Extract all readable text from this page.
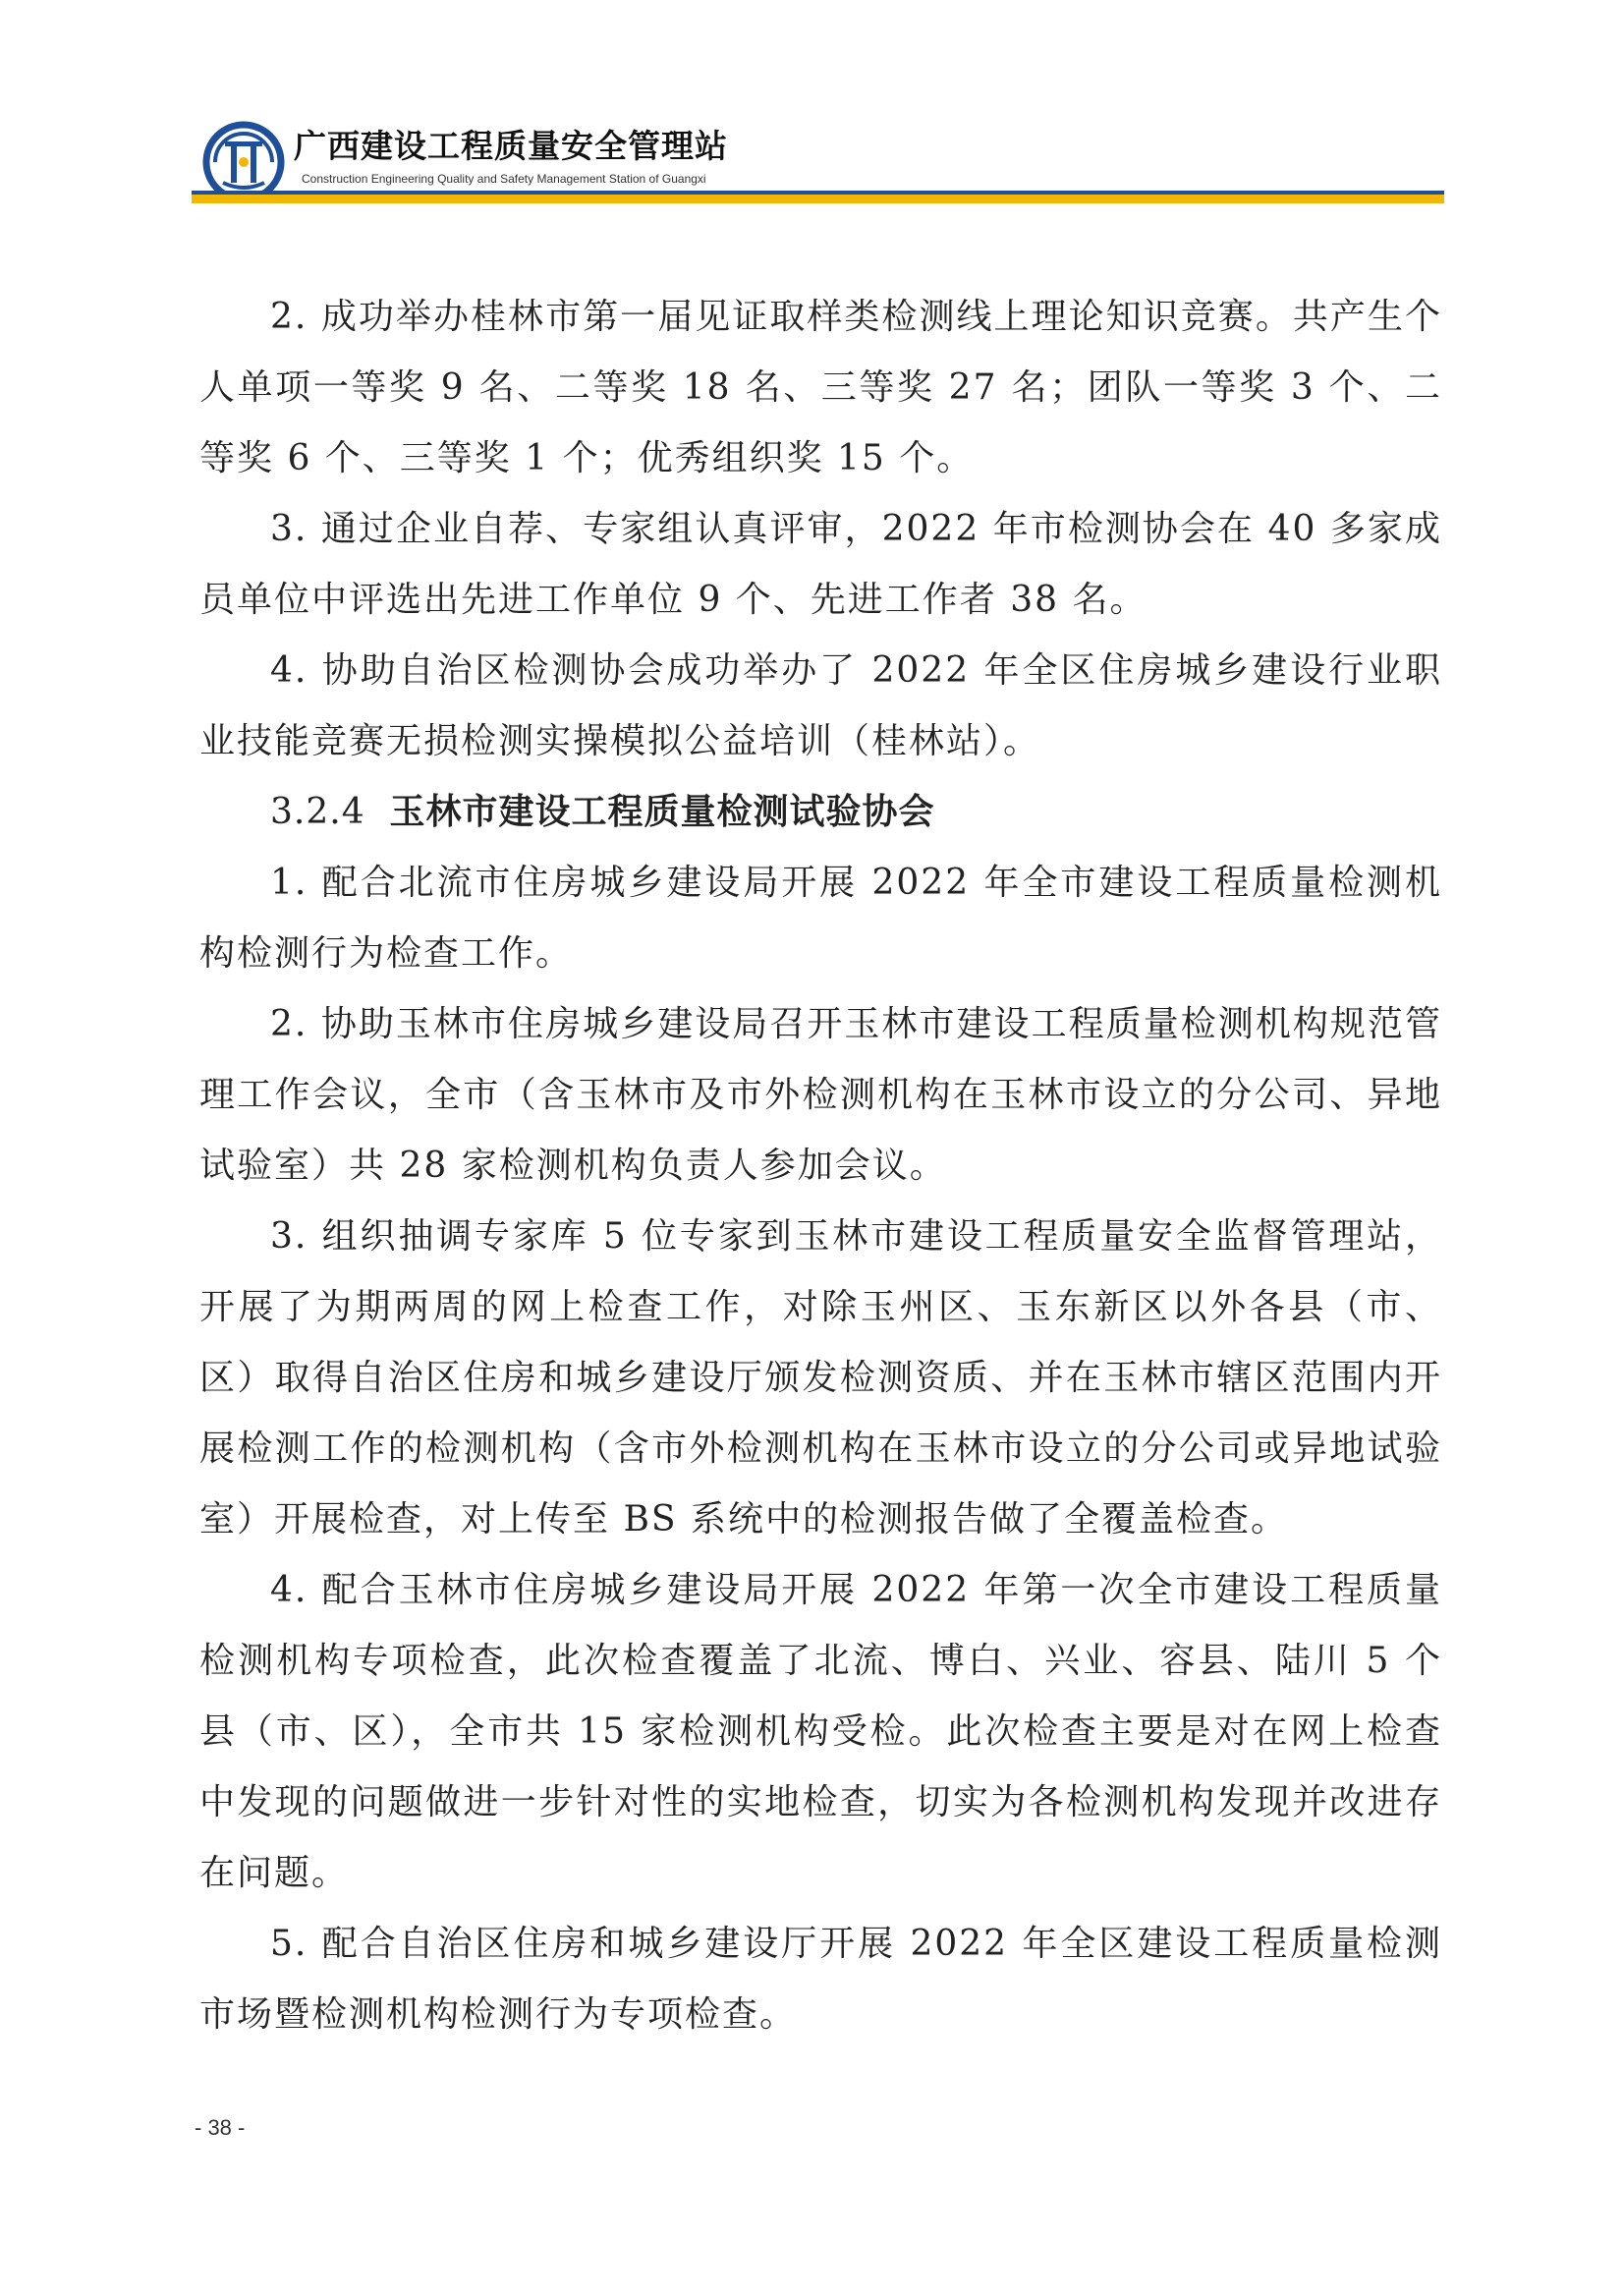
广西建设工程质量安全管理站
Construction Engineering Quality and Safety Management Station of Guangxi

2. 成功举办桂林市第一届见证取样类检测线上理论知识竞赛。共产生个人单项一等奖 9 名、二等奖 18 名、三等奖 27 名；团队一等奖 3 个、二等奖 6 个、三等奖 1 个；优秀组织奖 15 个。

3. 通过企业自荐、专家组认真评审，2022 年市检测协会在 40 多家成员单位中评选出先进工作单位 9 个、先进工作者 38 名。

4. 协助自治区检测协会成功举办了 2022 年全区住房城乡建设行业职业技能竞赛无损检测实操模拟公益培训（桂林站）。

3.2.4 玉林市建设工程质量检测试验协会

1. 配合北流市住房城乡建设局开展 2022 年全市建设工程质量检测机构检测行为检查工作。

2. 协助玉林市住房城乡建设局召开玉林市建设工程质量检测机构规范管理工作会议，全市（含玉林市及市外检测机构在玉林市设立的分公司、异地试验室）共 28 家检测机构负责人参加会议。

3. 组织抽调专家库 5 位专家到玉林市建设工程质量安全监督管理站，开展了为期两周的网上检查工作，对除玉州区、玉东新区以外各县（市、区）取得自治区住房和城乡建设厅颁发检测资质、并在玉林市辖区范围内开展检测工作的检测机构（含市外检测机构在玉林市设立的分公司或异地试验室）开展检查，对上传至 BS 系统中的检测报告做了全覆盖检查。

4. 配合玉林市住房城乡建设局开展 2022 年第一次全市建设工程质量检测机构专项检查，此次检查覆盖了北流、博白、兴业、容县、陆川 5 个县（市、区），全市共 15 家检测机构受检。此次检查主要是对在网上检查中发现的问题做进一步针对性的实地检查，切实为各检测机构发现并改进存在问题。

5. 配合自治区住房和城乡建设厅开展 2022 年全区建设工程质量检测市场暨检测机构检测行为专项检查。

- 38 -
